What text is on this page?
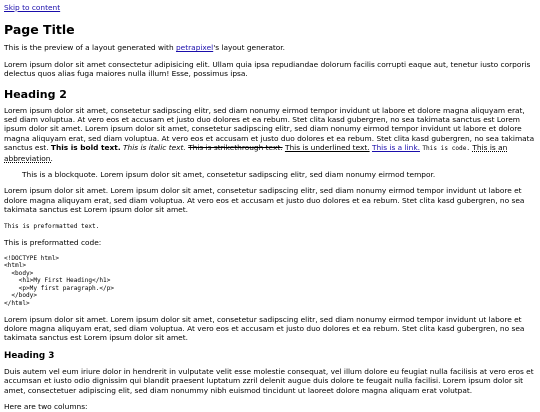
Skip to content
Page Title

This is the preview of a layout generated with petrapixel's layout generator.

Lorem ipsum dolor sit amet consectetur adipisicing elit. Ullam quia ipsa repudiandae dolorum facilis corrupti eaque aut, tenetur iusto corporis delectus quos alias fuga maiores nulla illum! Esse, possimus ipsa.

Heading 2

Lorem ipsum dolor sit amet, consetetur sadipscing elitr, sed diam nonumy eirmod tempor invidunt ut labore et dolore magna aliquyam erat, sed diam voluptua. At vero eos et accusam et justo duo dolores et ea rebum. Stet clita kasd gubergren, no sea takimata sanctus est Lorem ipsum dolor sit amet. Lorem ipsum dolor sit amet, consetetur sadipscing elitr, sed diam nonumy eirmod tempor invidunt ut labore et dolore magna aliquyam erat, sed diam voluptua. At vero eos et accusam et justo duo dolores et ea rebum. Stet clita kasd gubergren, no sea takimata sanctus est. This is bold text. This is italic text. This is strikethrough text. This is underlined text. This is a link. This is code. This is an abbreviation.

This is a blockquote. Lorem ipsum dolor sit amet, consetetur sadipscing elitr, sed diam nonumy eirmod tempor.

Lorem ipsum dolor sit amet. Lorem ipsum dolor sit amet, consetetur sadipscing elitr, sed diam nonumy eirmod tempor invidunt ut labore et dolore magna aliquyam erat, sed diam voluptua. At vero eos et accusam et justo duo dolores et ea rebum. Stet clita kasd gubergren, no sea takimata sanctus est Lorem ipsum dolor sit amet.

This is preformatted text.

This is preformatted code:

<!DOCTYPE html>
<html>
<body>
<h1>My First Heading</h1>
<p>My first paragraph.</p>
</body>
</html>

Lorem ipsum dolor sit amet. Lorem ipsum dolor sit amet, consetetur sadipscing elitr, sed diam nonumy eirmod tempor invidunt ut labore et dolore magna aliquyam erat, sed diam voluptua. At vero eos et accusam et justo duo dolores et ea rebum. Stet clita kasd gubergren, no sea takimata sanctus est Lorem ipsum dolor sit amet.

Heading 3

Duis autem vel eum iriure dolor in hendrerit in vulputate velit esse molestie consequat, vel illum dolore eu feugiat nulla facilisis at vero eros et accumsan et iusto odio dignissim qui blandit praesent luptatum zzril delenit augue duis dolore te feugait nulla facilisi. Lorem ipsum dolor sit amet, consectetuer adipiscing elit, sed diam nonummy nibh euismod tincidunt ut laoreet dolore magna aliquam erat volutpat.

Here are two columns:
